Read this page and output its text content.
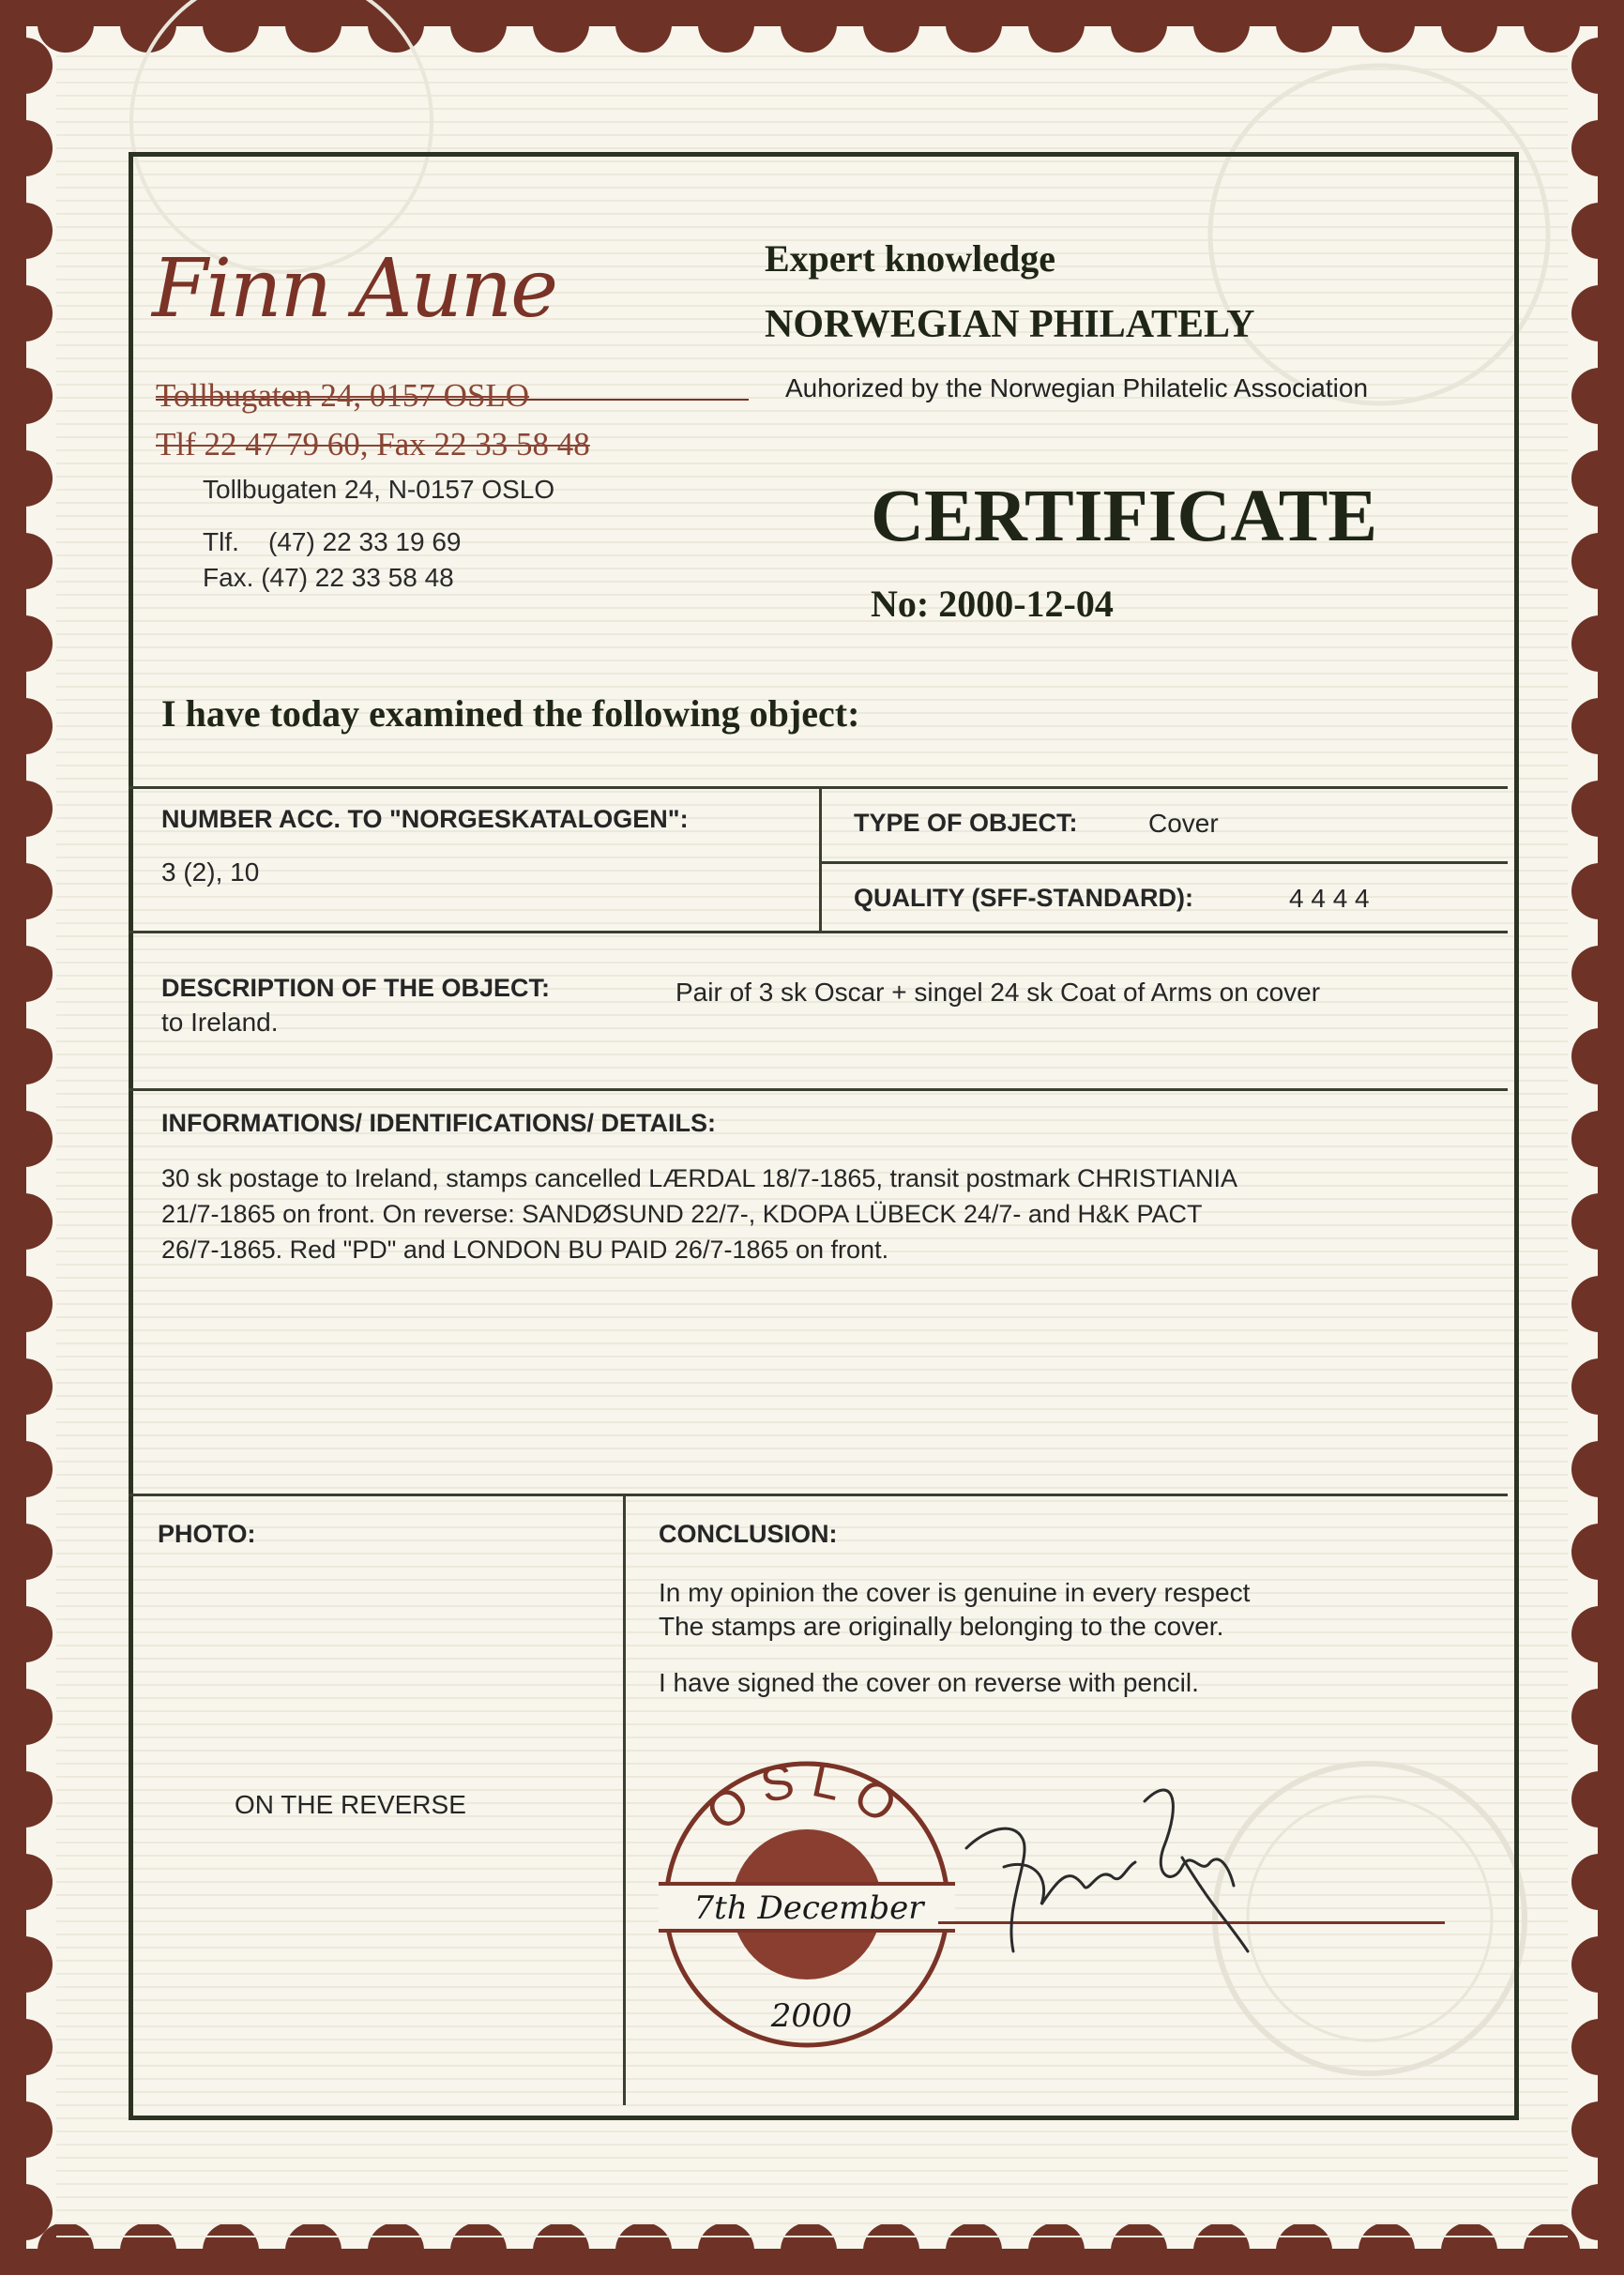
Finn Aune
Tollbugaten 24, 0157 OSLO
Tlf 22 47 79 60, Fax 22 33 58 48
Tollbugaten 24, N-0157 OSLO
Tlf.    (47) 22 33 19 69
Fax. (47) 22 33 58 48
Expert knowledge
NORWEGIAN PHILATELY
Auhorized by the Norwegian Philatelic Association
CERTIFICATE
No: 2000-12-04
I have today examined the following object:
NUMBER ACC. TO "NORGESKATALOGEN":
3 (2), 10
TYPE OF OBJECT:	Cover
QUALITY (SFF-STANDARD):	4 4 4 4
DESCRIPTION OF THE OBJECT:	Pair of 3 sk Oscar + singel 24 sk Coat of Arms on cover
to Ireland.
INFORMATIONS/ IDENTIFICATIONS/ DETAILS:
30 sk postage to Ireland, stamps cancelled LÆRDAL 18/7-1865, transit postmark CHRISTIANIA
21/7-1865 on front. On reverse: SANDØSUND 22/7-, KDOPA LÜBECK 24/7- and H&K PACT
26/7-1865. Red "PD" and LONDON BU PAID 26/7-1865 on front.
PHOTO:
ON THE REVERSE
CONCLUSION:
In my opinion the cover is genuine in every respect
The stamps are originally belonging to the cover.
I have signed the cover on reverse with pencil.
OSLO
7th December
2000
